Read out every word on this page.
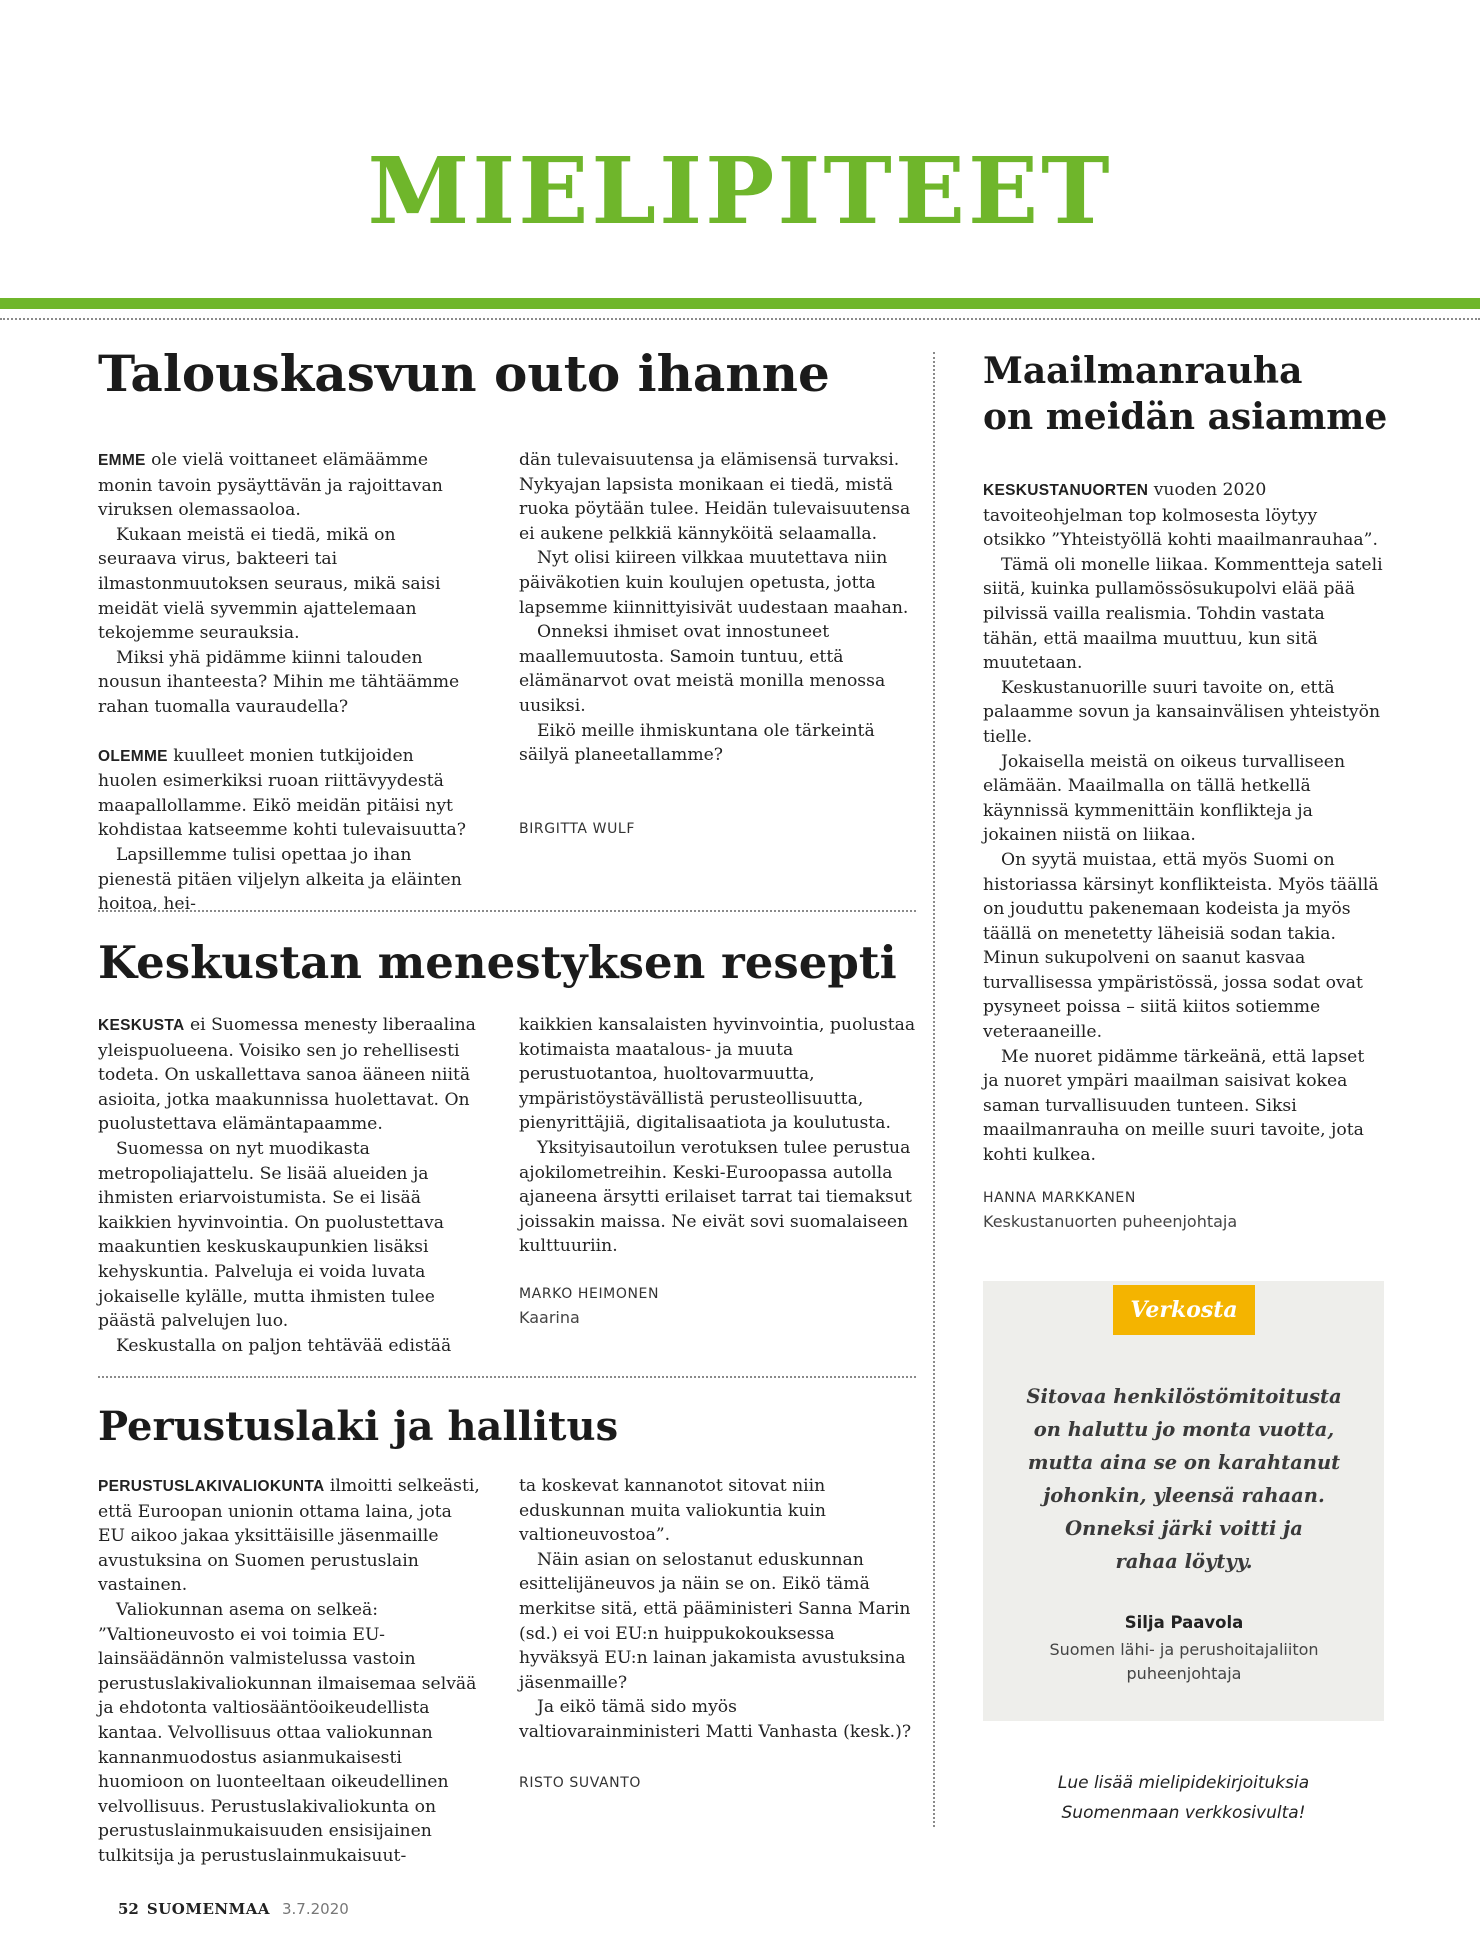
MIELIPITEET
Talouskasvun outo ihanne

EMME ole vielä voittaneet elämäämme monin tavoin pysäyttävän ja rajoittavan viruksen olemassaoloa.

Kukaan meistä ei tiedä, mikä on seuraava virus, bakteeri tai ilmastonmuutoksen seuraus, mikä saisi meidät vielä syvemmin ajattelemaan tekojemme seurauksia.

Miksi yhä pidämme kiinni talouden nousun ihanteesta? Mihin me tähtäämme rahan tuomalla vauraudella?

OLEMME kuulleet monien tutkijoiden huolen esimerkiksi ruoan riittävyydestä maapallollamme. Eikö meidän pitäisi nyt kohdistaa katseemme kohti tulevaisuutta?

Lapsillemme tulisi opettaa jo ihan pienestä pitäen viljelyn alkeita ja eläinten hoitoa, hei-

dän tulevaisuutensa ja elämisensä turvaksi. Nykyajan lapsista monikaan ei tiedä, mistä ruoka pöytään tulee. Heidän tulevaisuutensa ei aukene pelkkiä kännyköitä selaamalla.

Nyt olisi kiireen vilkkaa muutettava niin päiväkotien kuin koulujen opetusta, jotta lapsemme kiinnittyisivät uudestaan maahan.

Onneksi ihmiset ovat innostuneet maallemuutosta. Samoin tuntuu, että elämänarvot ovat meistä monilla menossa uusiksi.

Eikö meille ihmiskuntana ole tärkeintä säilyä planeetallamme?

BIRGITTA WULF
Keskustan menestyksen resepti

KESKUSTA ei Suomessa menesty liberaalina yleispuolueena. Voisiko sen jo rehellisesti todeta. On uskallettava sanoa ääneen niitä asioita, jotka maakunnissa huolettavat. On puolustettava elämäntapaamme.

Suomessa on nyt muodikasta metropoliajattelu. Se lisää alueiden ja ihmisten eriarvoistumista. Se ei lisää kaikkien hyvinvointia. On puolustettava maakuntien keskuskaupunkien lisäksi kehyskuntia. Palveluja ei voida luvata jokaiselle kylälle, mutta ihmisten tulee päästä palvelujen luo.

Keskustalla on paljon tehtävää edistää

kaikkien kansalaisten hyvinvointia, puolustaa kotimaista maatalous- ja muuta perustuotantoa, huoltovarmuutta, ympäristöystävällistä perusteollisuutta, pienyrittäjiä, digitalisaatiota ja koulutusta.

Yksityisautoilun verotuksen tulee perustua ajokilometreihin. Keski-Euroopassa autolla ajaneena ärsytti erilaiset tarrat tai tiemaksut joissakin maissa. Ne eivät sovi suomalaiseen kulttuuriin.

MARKO HEIMONEN
Kaarina
Perustuslaki ja hallitus

PERUSTUSLAKIVALIOKUNTA ilmoitti selkeästi, että Euroopan unionin ottama laina, jota EU aikoo jakaa yksittäisille jäsenmaille avustuksina on Suomen perustuslain vastainen.

Valiokunnan asema on selkeä: ”Valtioneuvosto ei voi toimia EU-lainsäädännön valmistelussa vastoin perustuslakivaliokunnan ilmaisemaa selvää ja ehdotonta valtiosääntöoikeudellista kantaa. Velvollisuus ottaa valiokunnan kannanmuodostus asianmukaisesti huomioon on luonteeltaan oikeudellinen velvollisuus. Perustuslakivaliokunta on perustuslainmukaisuuden ensisijainen tulkitsija ja perustuslainmukaisuut-

ta koskevat kannanotot sitovat niin eduskunnan muita valiokuntia kuin valtioneuvostoa”.

Näin asian on selostanut eduskunnan esittelijäneuvos ja näin se on. Eikö tämä merkitse sitä, että pääministeri Sanna Marin (sd.) ei voi EU:n huippukokouksessa hyväksyä EU:n lainan jakamista avustuksina jäsenmaille?

Ja eikö tämä sido myös valtiovarainministeri Matti Vanhasta (kesk.)?

RISTO SUVANTO
Maailmanrauha
on meidän asiamme

KESKUSTANUORTEN vuoden 2020 tavoiteohjelman top kolmosesta löytyy otsikko ”Yhteistyöllä kohti maailmanrauhaa”.

Tämä oli monelle liikaa. Kommentteja sateli siitä, kuinka pullamössösukupolvi elää pää pilvissä vailla realismia. Tohdin vastata tähän, että maailma muuttuu, kun sitä muutetaan.

Keskustanuorille suuri tavoite on, että palaamme sovun ja kansainvälisen yhteistyön tielle.

Jokaisella meistä on oikeus turvalliseen elämään. Maailmalla on tällä hetkellä käynnissä kymmenittäin konflikteja ja jokainen niistä on liikaa.

On syytä muistaa, että myös Suomi on historiassa kärsinyt konflikteista. Myös täällä on jouduttu pakenemaan kodeista ja myös täällä on menetetty läheisiä sodan takia. Minun sukupolveni on saanut kasvaa turvallisessa ympäristössä, jossa sodat ovat pysyneet poissa – siitä kiitos sotiemme veteraaneille.

Me nuoret pidämme tärkeänä, että lapset ja nuoret ympäri maailman saisivat kokea saman turvallisuuden tunteen. Siksi maailmanrauha on meille suuri tavoite, jota kohti kulkea.

HANNA MARKKANEN
Keskustanuorten puheenjohtaja
Verkosta
Sitovaa henkilöstömitoitusta
on haluttu jo monta vuotta,
mutta aina se on karahtanut
johonkin, yleensä rahaan.
Onneksi järki voitti ja
rahaa löytyy.
Silja Paavola
Suomen lähi- ja perushoitajaliiton
puheenjohtaja
Lue lisää mielipidekirjoituksia
Suomenmaan verkkosivulta!
52 SUOMENMAA 3.7.2020
